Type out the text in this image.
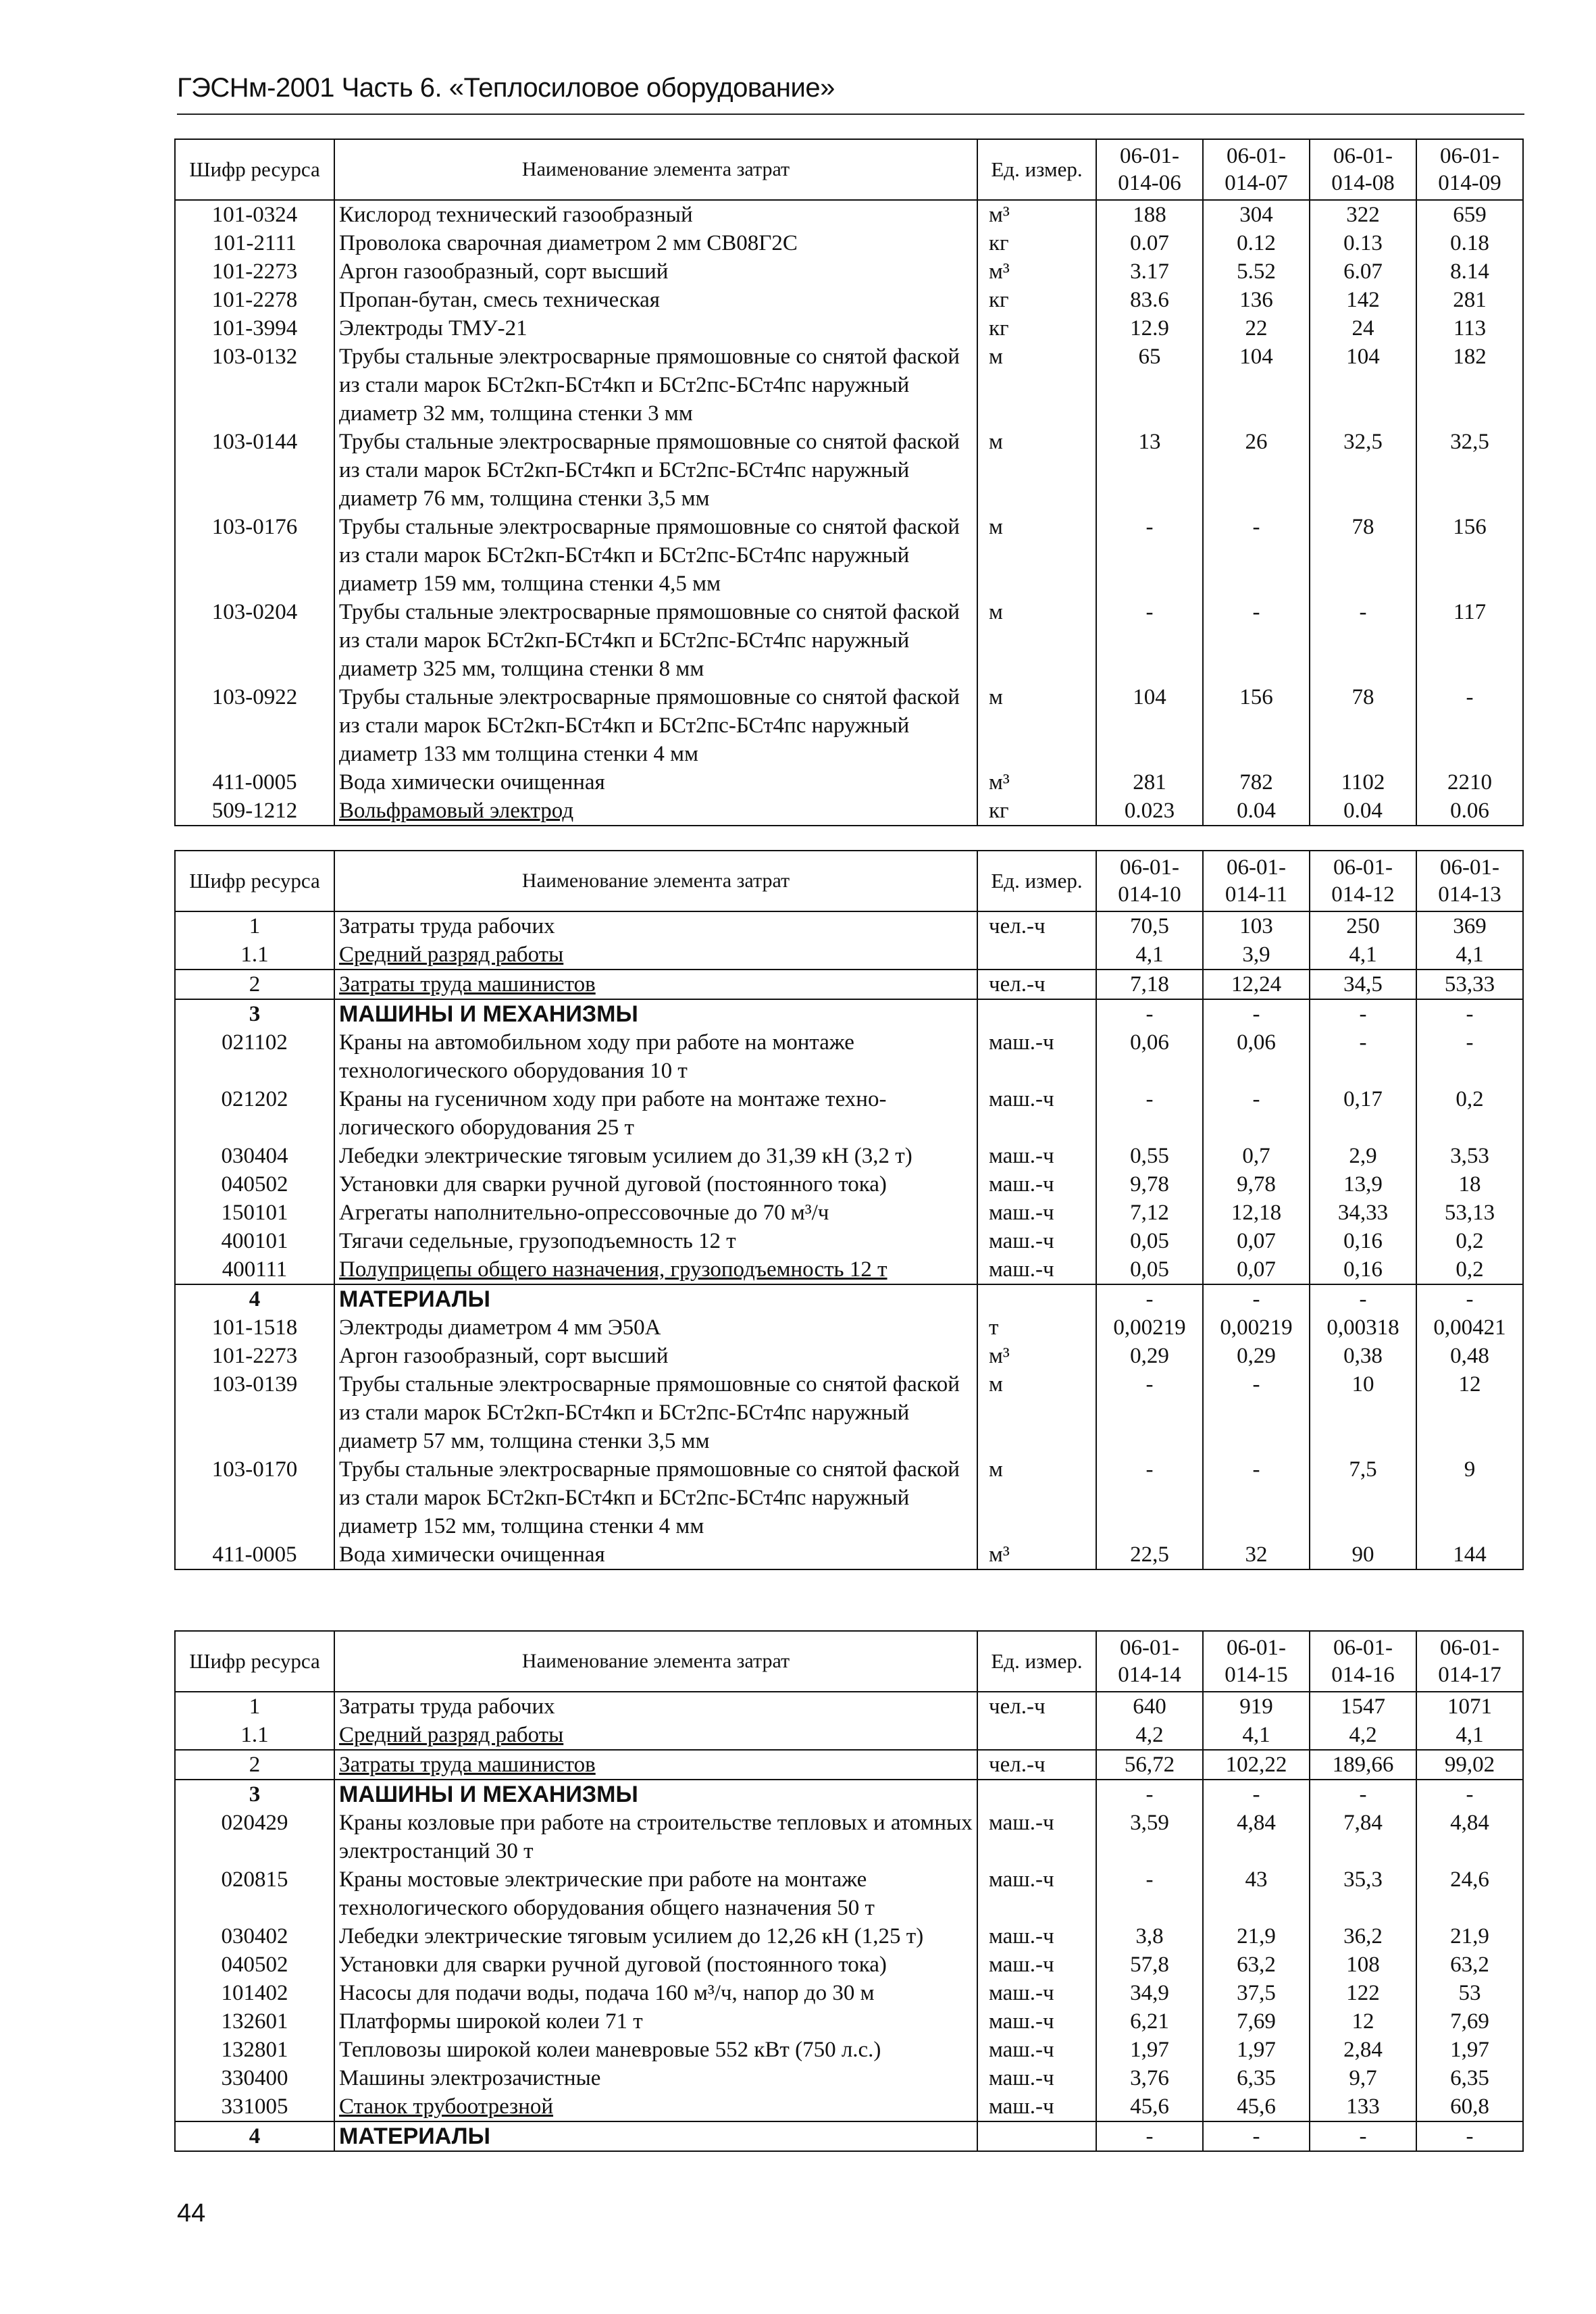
ГЭСНм-2001 Часть 6. «Теплосиловое оборудование»
Шифр ресурса	Наименование элемента затрат	Ед. измер.	06-01-014-06	06-01-014-07	06-01-014-08	06-01-014-09
101-0324	Кислород технический газообразный	м³	188	304	322	659
101-2111	Проволока сварочная диаметром 2 мм СВ08Г2С	кг	0.07	0.12	0.13	0.18
101-2273	Аргон газообразный, сорт высший	м³	3.17	5.52	6.07	8.14
101-2278	Пропан-бутан, смесь техническая	кг	83.6	136	142	281
101-3994	Электроды ТМУ-21	кг	12.9	22	24	113
103-0132	Трубы стальные электросварные прямошовные со снятой фаской из стали марок БСт2кп-БСт4кп и БСт2пс-БСт4пс наружный диаметр 32 мм, толщина стенки 3 мм	м	65	104	104	182
103-0144	Трубы стальные электросварные прямошовные со снятой фаской из стали марок БСт2кп-БСт4кп и БСт2пс-БСт4пс наружный диаметр 76 мм, толщина стенки 3,5 мм	м	13	26	32,5	32,5
103-0176	Трубы стальные электросварные прямошовные со снятой фаской из стали марок БСт2кп-БСт4кп и БСт2пс-БСт4пс наружный диаметр 159 мм, толщина стенки 4,5 мм	м	-	-	78	156
103-0204	Трубы стальные электросварные прямошовные со снятой фаской из стали марок БСт2кп-БСт4кп и БСт2пс-БСт4пс наружный диаметр 325 мм, толщина стенки 8 мм	м	-	-	-	117
103-0922	Трубы стальные электросварные прямошовные со снятой фаской из стали марок БСт2кп-БСт4кп и БСт2пс-БСт4пс наружный диаметр 133 мм толщина стенки 4 мм	м	104	156	78	-
411-0005	Вода химически очищенная	м³	281	782	1102	2210
509-1212	Вольфрамовый электрод	кг	0.023	0.04	0.04	0.06
Шифр ресурса	Наименование элемента затрат	Ед. измер.	06-01-014-10	06-01-014-11	06-01-014-12	06-01-014-13
1	Затраты труда рабочих	чел.-ч	70,5	103	250	369
1.1	Средний разряд работы		4,1	3,9	4,1	4,1
2	Затраты труда машинистов	чел.-ч	7,18	12,24	34,5	53,33
3	МАШИНЫ И МЕХАНИЗМЫ		-	-	-	-
021102	Краны на автомобильном ходу при работе на монтаже технологического оборудования 10 т	маш.-ч	0,06	0,06	-	-
021202	Краны на гусеничном ходу при работе на монтаже техно-логического оборудования 25 т	маш.-ч	-	-	0,17	0,2
030404	Лебедки электрические тяговым усилием до 31,39 кН (3,2 т)	маш.-ч	0,55	0,7	2,9	3,53
040502	Установки для сварки ручной дуговой (постоянного тока)	маш.-ч	9,78	9,78	13,9	18
150101	Агрегаты наполнительно-опрессовочные до 70 м³/ч	маш.-ч	7,12	12,18	34,33	53,13
400101	Тягачи седельные, грузоподъемность 12 т	маш.-ч	0,05	0,07	0,16	0,2
400111	Полуприцепы общего назначения, грузоподъемность 12 т	маш.-ч	0,05	0,07	0,16	0,2
4	МАТЕРИАЛЫ		-	-	-	-
101-1518	Электроды диаметром 4 мм Э50А	т	0,00219	0,00219	0,00318	0,00421
101-2273	Аргон газообразный, сорт высший	м³	0,29	0,29	0,38	0,48
103-0139	Трубы стальные электросварные прямошовные со снятой фаской из стали марок БСт2кп-БСт4кп и БСт2пс-БСт4пс наружный диаметр 57 мм, толщина стенки 3,5 мм	м	-	-	10	12
103-0170	Трубы стальные электросварные прямошовные со снятой фаской из стали марок БСт2кп-БСт4кп и БСт2пс-БСт4пс наружный диаметр 152 мм, толщина стенки 4 мм	м	-	-	7,5	9
411-0005	Вода химически очищенная	м³	22,5	32	90	144
Шифр ресурса	Наименование элемента затрат	Ед. измер.	06-01-014-14	06-01-014-15	06-01-014-16	06-01-014-17
1	Затраты труда рабочих	чел.-ч	640	919	1547	1071
1.1	Средний разряд работы		4,2	4,1	4,2	4,1
2	Затраты труда машинистов	чел.-ч	56,72	102,22	189,66	99,02
3	МАШИНЫ И МЕХАНИЗМЫ		-	-	-	-
020429	Краны козловые при работе на строительстве тепловых и атомных электростанций 30 т	маш.-ч	3,59	4,84	7,84	4,84
020815	Краны мостовые электрические при работе на монтаже технологического оборудования общего назначения 50 т	маш.-ч	-	43	35,3	24,6
030402	Лебедки электрические тяговым усилием до 12,26 кН (1,25 т)	маш.-ч	3,8	21,9	36,2	21,9
040502	Установки для сварки ручной дуговой (постоянного тока)	маш.-ч	57,8	63,2	108	63,2
101402	Насосы для подачи воды, подача 160 м³/ч, напор до 30 м	маш.-ч	34,9	37,5	122	53
132601	Платформы широкой колеи 71 т	маш.-ч	6,21	7,69	12	7,69
132801	Тепловозы широкой колеи маневровые 552 кВт (750 л.с.)	маш.-ч	1,97	1,97	2,84	1,97
330400	Машины электрозачистные	маш.-ч	3,76	6,35	9,7	6,35
331005	Станок трубоотрезной	маш.-ч	45,6	45,6	133	60,8
4	МАТЕРИАЛЫ		-	-	-	-
44
